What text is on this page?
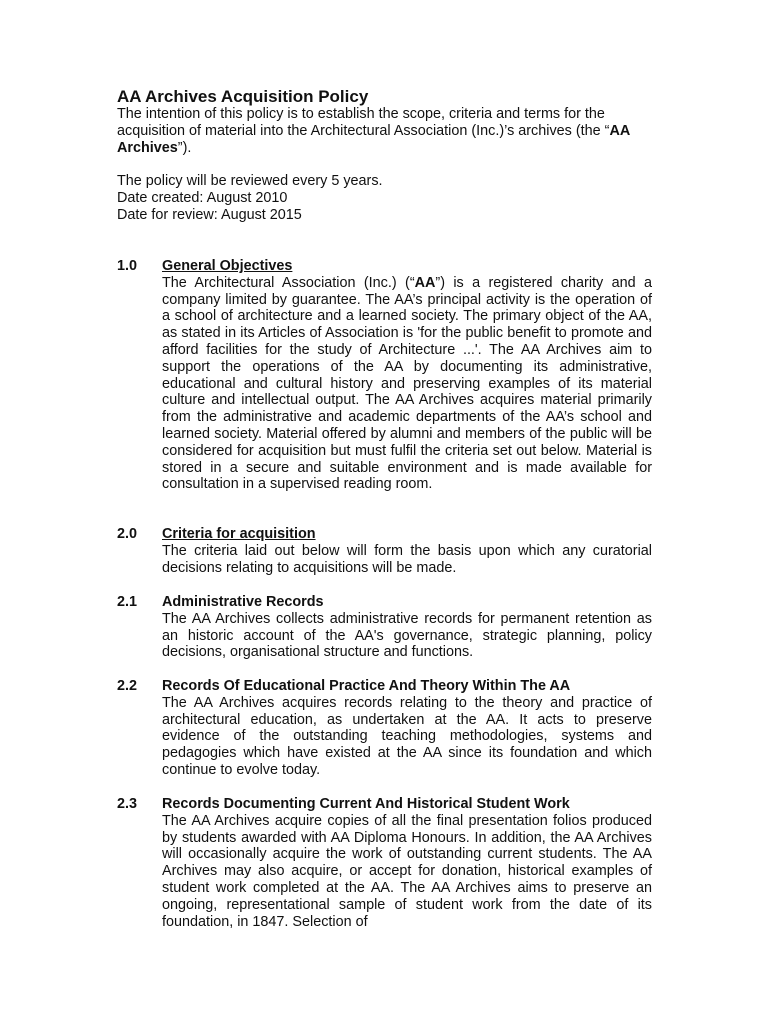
AA Archives Acquisition Policy

The intention of this policy is to establish the scope, criteria and terms for the acquisition of material into the Architectural Association (Inc.)’s archives (the “AA Archives”).

The policy will be reviewed every 5 years.
Date created: August 2010
Date for review: August 2015
1.0	General Objectives

The Architectural Association (Inc.) (“AA”) is a registered charity and a company limited by guarantee. The AA’s principal activity is the operation of a school of architecture and a learned society. The primary object of the AA, as stated in its Articles of Association is 'for the public benefit to promote and afford facilities for the study of Architecture ...'. The AA Archives aim to support the operations of the AA by documenting its administrative, educational and cultural history and preserving examples of its material culture and intellectual output. The AA Archives acquires material primarily from the administrative and academic departments of the AA’s school and learned society. Material offered by alumni and members of the public will be considered for acquisition but must fulfil the criteria set out below. Material is stored in a secure and suitable environment and is made available for consultation in a supervised reading room.

2.0	Criteria for acquisition

The criteria laid out below will form the basis upon which any curatorial decisions relating to acquisitions will be made.

2.1	Administrative Records

The AA Archives collects administrative records for permanent retention as an historic account of the AA's governance, strategic planning, policy decisions, organisational structure and functions.

2.2	Records Of Educational Practice And Theory Within The AA

The AA Archives acquires records relating to the theory and practice of architectural education, as undertaken at the AA. It acts to preserve evidence of the outstanding teaching methodologies, systems and pedagogies which have existed at the AA since its foundation and which continue to evolve today.

2.3	Records Documenting Current And Historical Student Work

The AA Archives acquire copies of all the final presentation folios produced by students awarded with AA Diploma Honours. In addition, the AA Archives will occasionally acquire the work of outstanding current students. The AA Archives may also acquire, or accept for donation, historical examples of student work completed at the AA. The AA Archives aims to preserve an ongoing, representational sample of student work from the date of its foundation, in 1847. Selection of
